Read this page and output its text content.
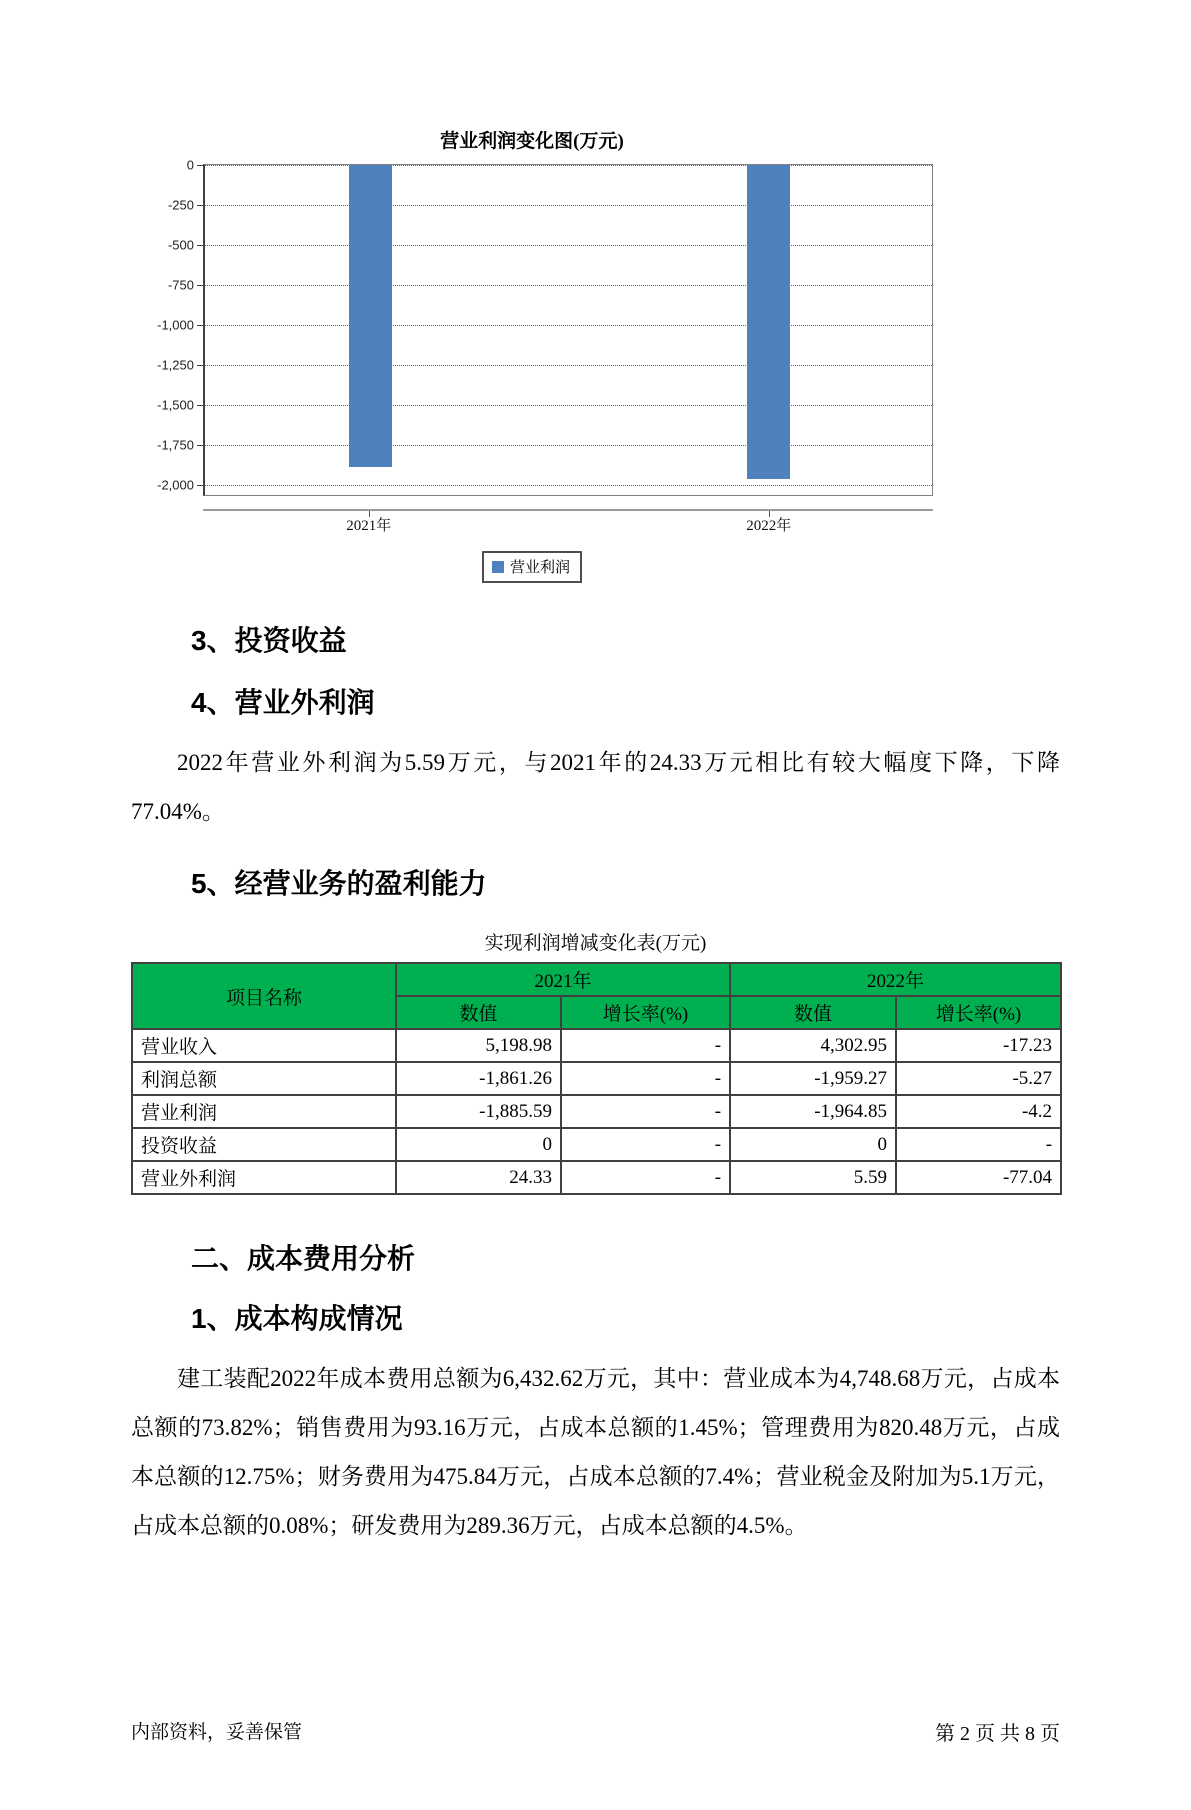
营业利润变化图(万元)
0
-250
-500
-750
-1,000
-1,250
-1,500
-1,750
-2,000
2021年	2022年
营业利润
3、投资收益
4、营业外利润
2022年营业外利润为5.59万元，与2021年的24.33万元相比有较大幅度下降，下降77.04%。
5、经营业务的盈利能力
实现利润增减变化表(万元)
项目名称	2021年		2022年	
	数值	增长率(%)	数值	增长率(%)
营业收入	5,198.98	-	4,302.95	-17.23
利润总额	-1,861.26	-	-1,959.27	-5.27
营业利润	-1,885.59	-	-1,964.85	-4.2
投资收益	0	-	0	-
营业外利润	24.33	-	5.59	-77.04
二、成本费用分析
1、成本构成情况
建工装配2022年成本费用总额为6,432.62万元，其中：营业成本为4,748.68万元，占成本总额的73.82%；销售费用为93.16万元，占成本总额的1.45%；管理费用为820.48万元，占成本总额的12.75%；财务费用为475.84万元，占成本总额的7.4%；营业税金及附加为5.1万元，占成本总额的0.08%；研发费用为289.36万元，占成本总额的4.5%。
内部资料，妥善保管	第 2 页 共 8 页
